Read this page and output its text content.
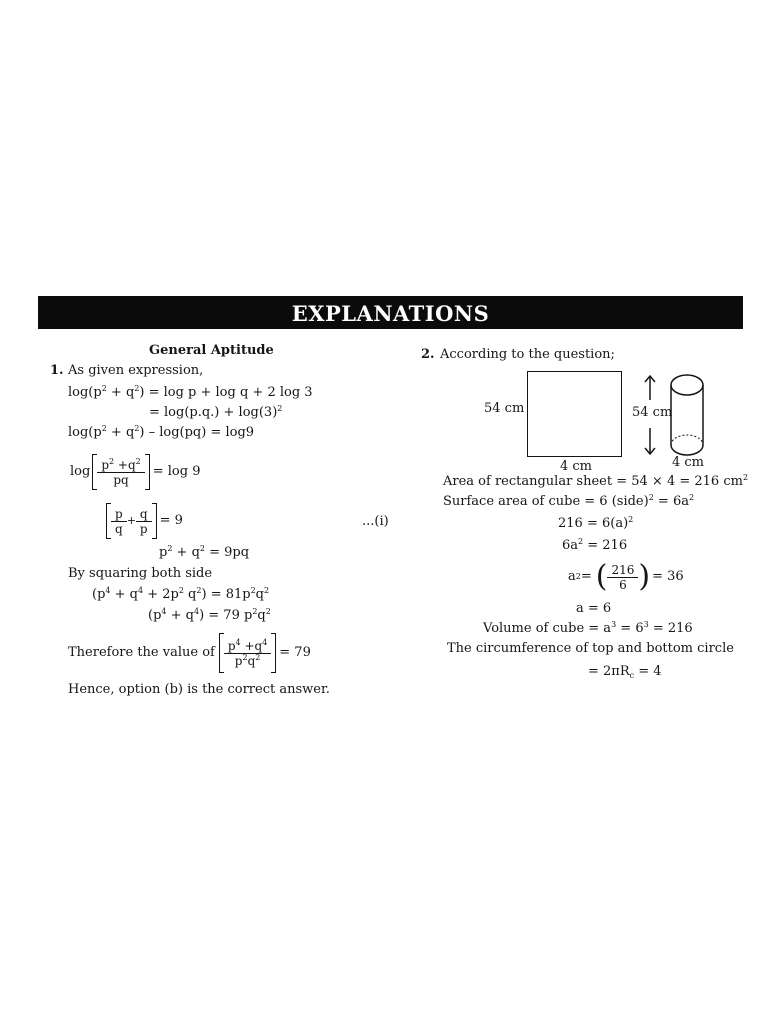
EXPLANATIONS
General Aptitude
1. As given expression,
$\log(p^2 + q^2) = \log p + \log q + 2$ log 3
= $\log(p.q.) + \log(3)^2$
$\log(p^2 + q^2) - \log(pq) = \log 9$
$\log \frac{p^2 +q^2}{pq} = \log 9$
$\frac{p}{q} + \frac{q}{p} = 9$	...(i)
$p^2 + q^2 = 9pq$
By squaring both side
($p^4 + q^4 + 2p^2$ $q^2) = 81p^2q^2$
$(p^4 + q^4) = 79$ $p^2q^2$
Therefore the value of $\frac{p^4 +q^4}{p^2q^2} = 79$
Hence, option (b) is the correct answer.
2. According to the question;
54 cm
4 cm
54 cm
4 cm
Area of rectangular sheet = 54 × 4 = 216 $cm^2$
Surface area of cube = 6 (side)$^2$ = $6a^2$
$216 = 6(a)^2$
$6a^2 = 216$
a 2 = ( $\frac{216}{6}$ ) = 36
a = 6
Volume of cube = $a^3 = 6^3 = 216$
The circumference of top and bottom circle
= $2\pi R_c = 4$
